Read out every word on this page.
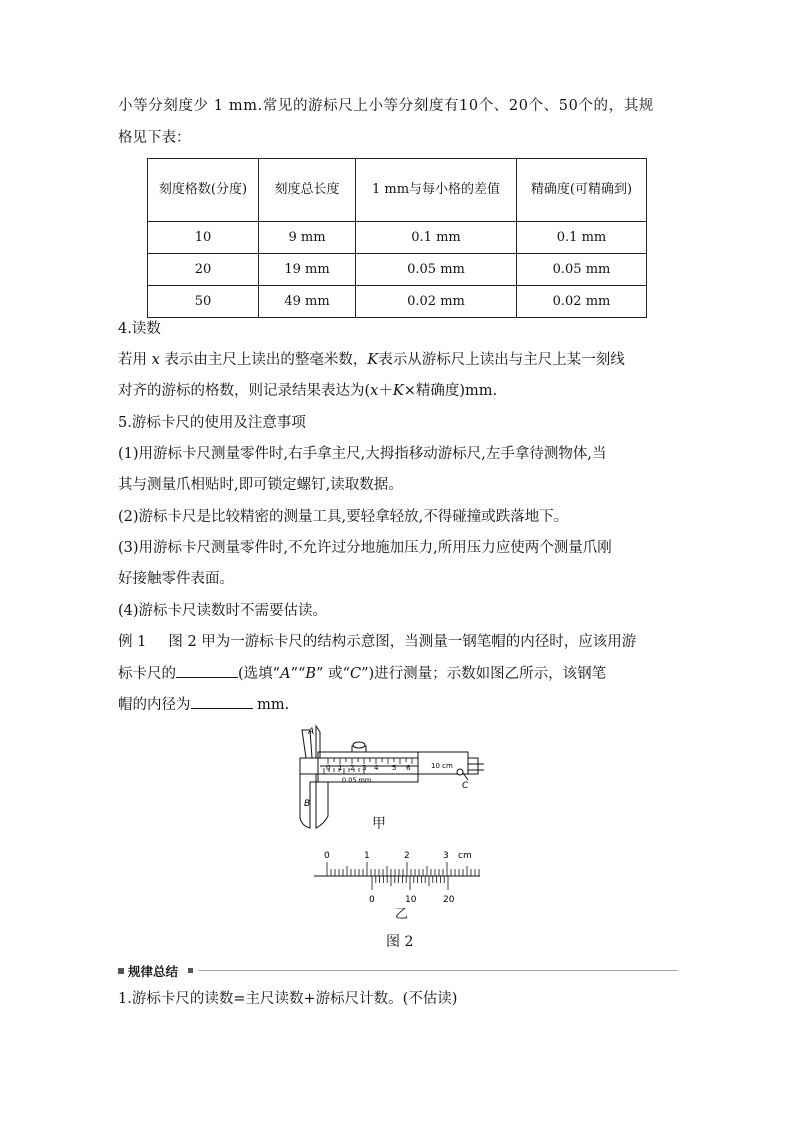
小等分刻度少 1 mm.常见的游标尺上小等分刻度有10个、20个、50个的，其规
格见下表：
刻度格数(分度)	刻度总长度	1 mm与每小格的差值	精确度(可精确到)
10	9 mm	0.1 mm	0.1 mm
20	19 mm	0.05 mm	0.05 mm
50	49 mm	0.02 mm	0.02 mm
4.读数
若用 x 表示由主尺上读出的整毫米数，K表示从游标尺上读出与主尺上某一刻线
对齐的游标的格数，则记录结果表达为(x＋K×精确度)mm.
5.游标卡尺的使用及注意事项
(1)用游标卡尺测量零件时,右手拿主尺,大拇指移动游标尺,左手拿待测物体,当
其与测量爪相贴时,即可锁定螺钉,读取数据。
(2)游标卡尺是比较精密的测量工具,要轻拿轻放,不得碰撞或跌落地下。
(3)用游标卡尺测量零件时,不允许过分地施加压力,所用压力应使两个测量爪刚
好接触零件表面。
(4)游标卡尺读数时不需要估读。
例 1 图 2 甲为一游标卡尺的结构示意图，当测量一钢笔帽的内径时，应该用游
标卡尺的	(选填“A”“B” 或“C”)进行测量；示数如图乙所示，该钢笔
帽的内径为	mm.
A
B
C
0 1 2 3 4 5 6	10 cm
0.05 mm
甲
0	1	2	3 cm
0	10	20
乙
图 2
规律总结
1.游标卡尺的读数=主尺读数+游标尺计数。(不估读)
